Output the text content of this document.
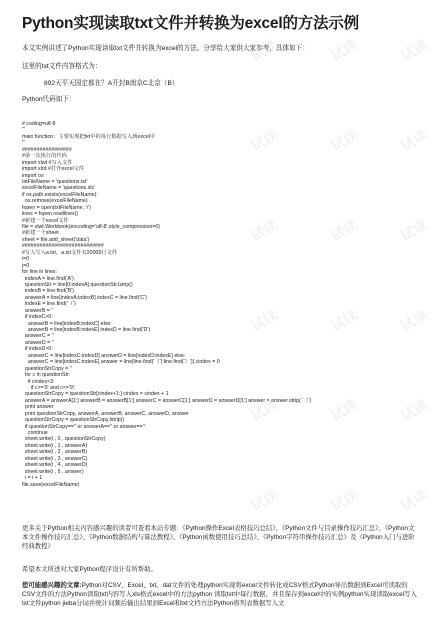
Python实现读取txt文件并转换为excel的方法示例
本文实例讲述了Python实现读取txt文件并转换为excel的方法。分享给大家供大家参考，具体如下：
这里的txt文件内容格式为：
892天平天国定都在？A开封B南京C北京（B）
Python代码如下：
# coding=utf-8
'''
main function：主要实现把txt中的每行数据写入到excel中
'''
#################
#第一次执行的代码
import xlwt #写入文件
import xlrd #打开excel文件
import os
txtFileName = 'questions.txt'
excelFileName = 'questions.xls'
if os.path.exists(excelFileName):
os.remove(excelFileName)
fopen = open(txtFileName, 'r')
lines = fopen.readlines()
#新建一个excel文件
file = xlwt.Workbook(encoding='utf-8',style_compression=0)
#新建一个sheet
sheet = file.add_sheet('data')
############################
#写入写入a.txt，a.txt文件有20000行文件
i=0
j=0
for line in lines:
indexA = line.find('A')
questionStr = line[0:indexA] questionStr.lstrip()
indexB = line.find('B')
answerA = line[indexA:indexB] indexC = line.find('C')
indexE = line.find('（')
answerB = ''
if indexC>0:
answerB = line[indexB:indexC] else:
answerB = line[indexB:indexE] indexD = line.find('D')
answerC = ''
answerD = ''
if indexD>0:
answerC = line[indexC:indexD] answerD = line[indexD:indexE] else:
answerC = line[indexC:indexE] answer = line[line.find('（'):line.find('）')] cindex = 0
questionStrCopy = ''
for c in questionStr:
if cindex<3:
if c>='0' and c<='9':
questionStrCopy = questionStr[cindex+1:] cindex = cindex + 1
answerA = answerA[1:] answerB = answerB[1:] answerC = answerC[1:] answerD = answerD[1:] answer = answer.strip( '（')
print answer
print questionStrCopy, answerA, answerB, answerC, answerD, answer
questionStrCopy = questionStrCopy.lstrip()
if questionStrCopy=='' or answerA=='' or answer=='':
continue
sheet.write(i , 0 , questionStrCopy)
sheet.write(i , 1 , answerA)
sheet.write(i , 2 , answerB)
sheet.write(i , 3 , answerC)
sheet.write(i , 4 , answerD)
sheet.write(i , 5 , answer)
i = i + 1
file.save(excelFileName)
更多关于Python相关内容感兴趣的读者可查看本站专题：《Python操作Excel表格技巧总结》、《Python文件与目录操作技巧汇总》、《Python文本文件操作技巧汇总》、《Python数据结构与算法教程》、《Python函数使用技巧总结》、《Python字符串操作技巧汇总》及《Python入门与进阶经典教程》
希望本文所述对大家Python程序设计有所帮助。
您可能感兴趣的文章:Python对CSV、Excel、txt、dat文件的处理python实现将excel文件转化成CSV格式Python导出数据到Excel可读取的CSV文件的方法Python读取txt内容写入xls格式excel中的方法python 读取txt中每行数据，并且保存到excel中的实例python实现读取excel写入txt文件python jieba分词并统计词频后输出结果到Excel和txt文档方法Python将列表数据写入文
试读	试读	试读
试读	试读	试读
试读	试读	试读
试读	试读	试读
试读	试读	试读
试读	试读	试读
